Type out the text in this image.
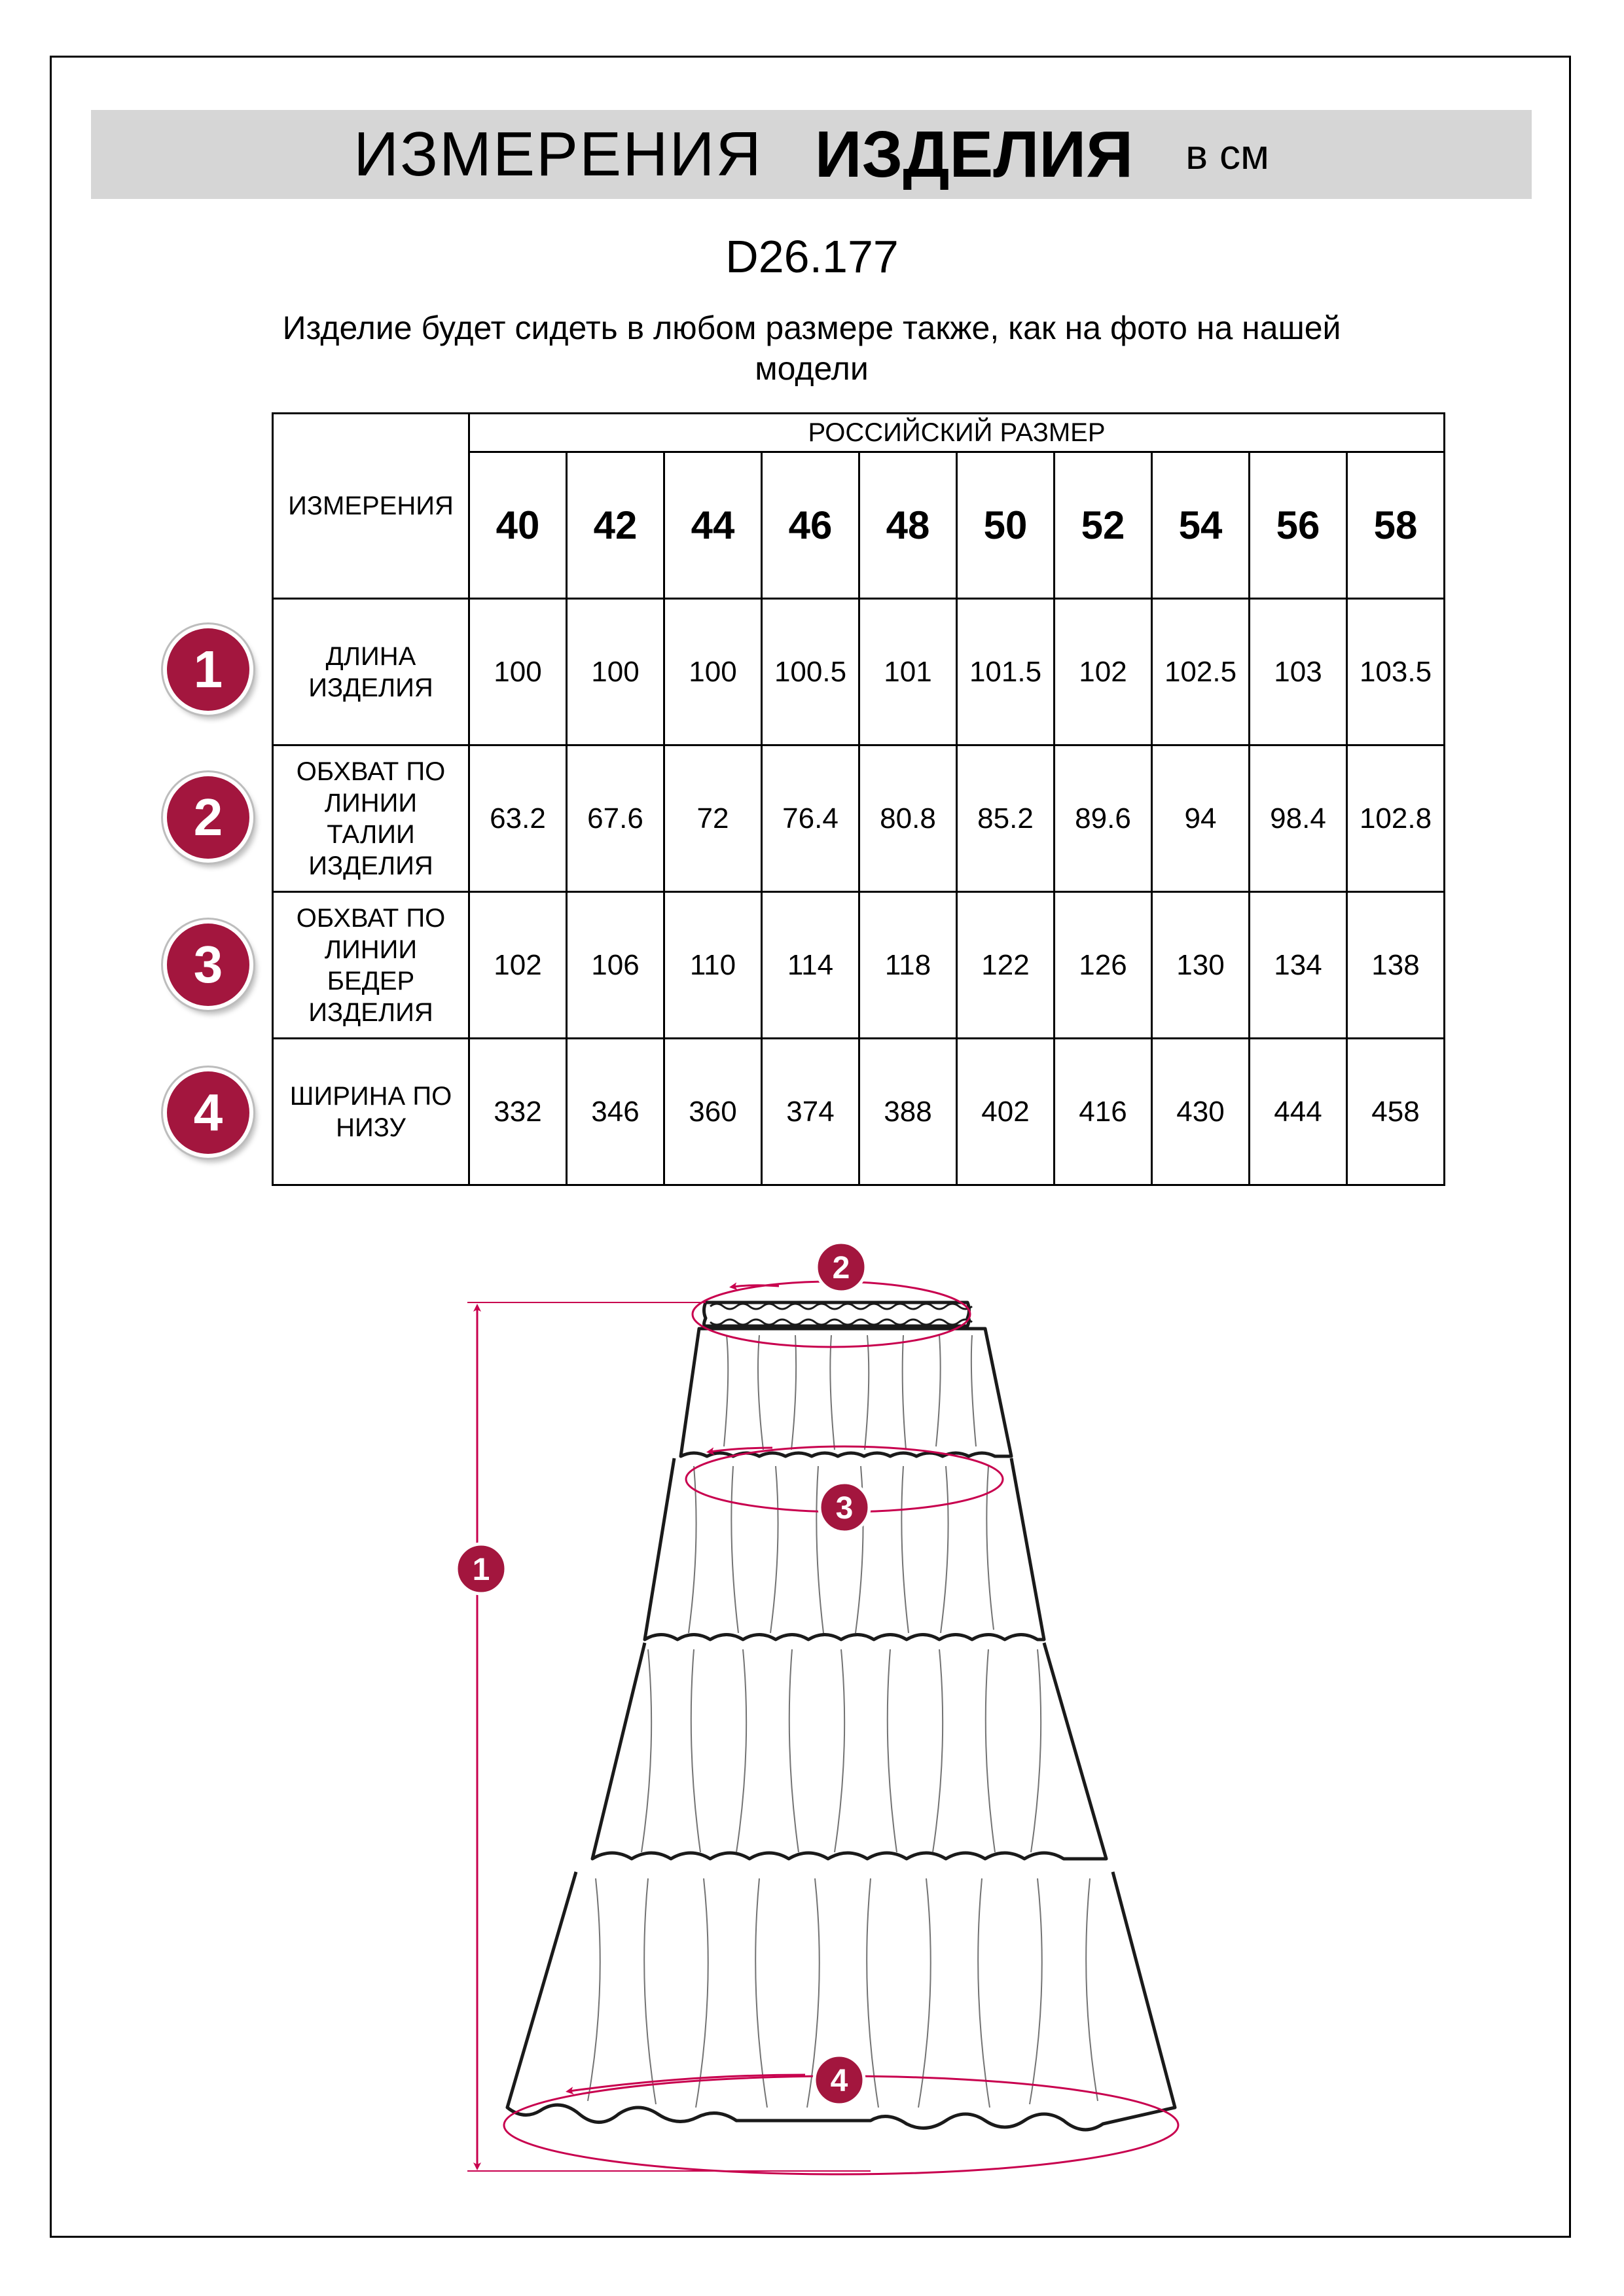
ИЗМЕРЕНИЯ ИЗДЕЛИЯ в см
D26.177
Изделие будет сидеть в любом размере также, как на фото на нашей
модели
1
2
3
4
ИЗМЕРЕНИЯ	РОССИЙСКИЙ РАЗМЕР									
	40	42	44	46	48	50	52	54	56	58

ДЛИНА
ИЗДЕЛИЯ	100	100	100	100.5	101	101.5	102	102.5	103	103.5

ОБХВАТ ПО
ЛИНИИ
ТАЛИИ
ИЗДЕЛИЯ	63.2	67.6	72	76.4	80.8	85.2	89.6	94	98.4	102.8

ОБХВАТ ПО
ЛИНИИ
БЕДЕР
ИЗДЕЛИЯ	102	106	110	114	118	122	126	130	134	138

ШИРИНА ПО
НИЗУ	332	346	360	374	388	402	416	430	444	458
1
2
3
4
